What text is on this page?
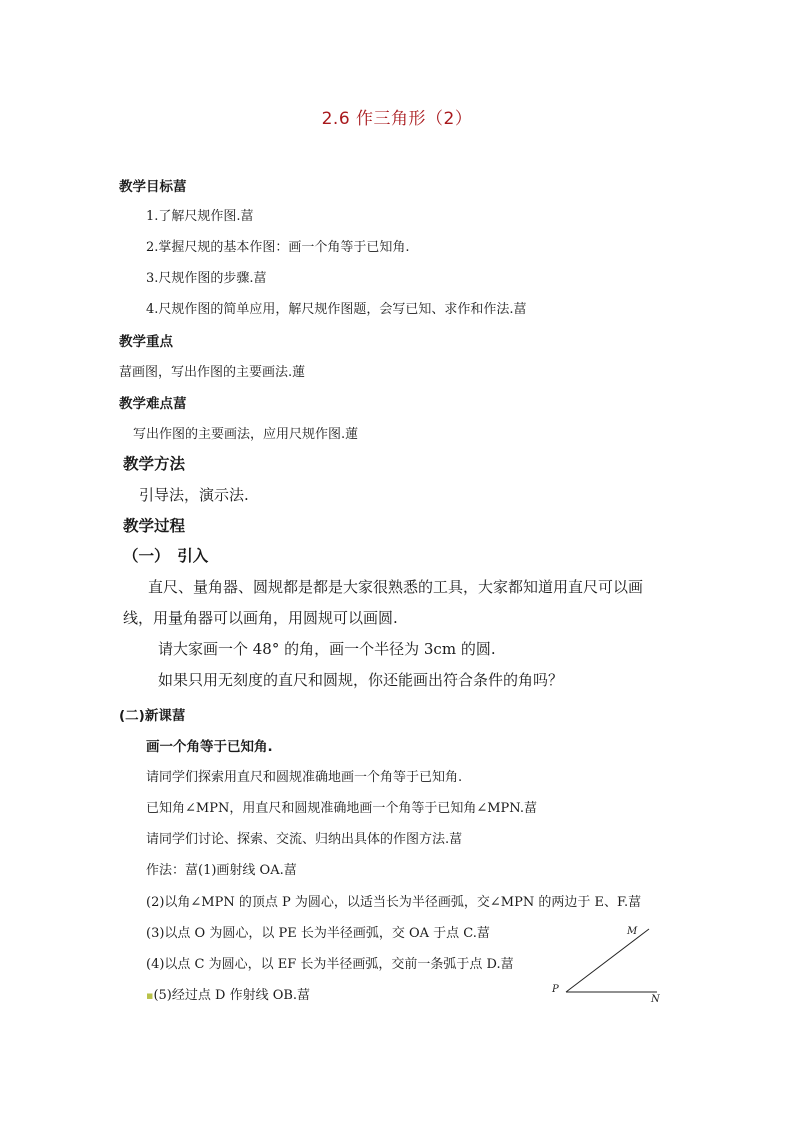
2.6 作三角形（2）
教学目标葍
1.了解尺规作图.葍
2.掌握尺规的基本作图：画一个角等于已知角.
3.尺规作图的步骤.葍
4.尺规作图的简单应用，解尺规作图题，会写已知、求作和作法.葍
教学重点
葍画图，写出作图的主要画法.蓮
教学难点葍
写出作图的主要画法，应用尺规作图.蓮
教学方法
引导法，演示法.
教学过程
（一）　引入
直尺、量角器、圆规都是都是大家很熟悉的工具，大家都知道用直尺可以画
线，用量角器可以画角，用圆规可以画圆.
请大家画一个 48° 的角，画一个半径为 3cm 的圆.
如果只用无刻度的直尺和圆规，你还能画出符合条件的角吗？
(二)新课葍
画一个角等于已知角.
请同学们探索用直尺和圆规准确地画一个角等于已知角.
已知角∠MPN，用直尺和圆规准确地画一个角等于已知角∠MPN.葍
请同学们讨论、探索、交流、归纳出具体的作图方法.葍
作法：葍(1)画射线 OA.葍
(2)以角∠MPN 的顶点 P 为圆心，以适当长为半径画弧，交∠MPN 的两边于 E、F.葍
(3)以点 O 为圆心，以 PE 长为半径画弧，交 OA 于点 C.葍
(4)以点 C 为圆心，以 EF 长为半径画弧，交前一条弧于点 D.葍
▪(5)经过点 D 作射线 OB.葍
M
P
N
